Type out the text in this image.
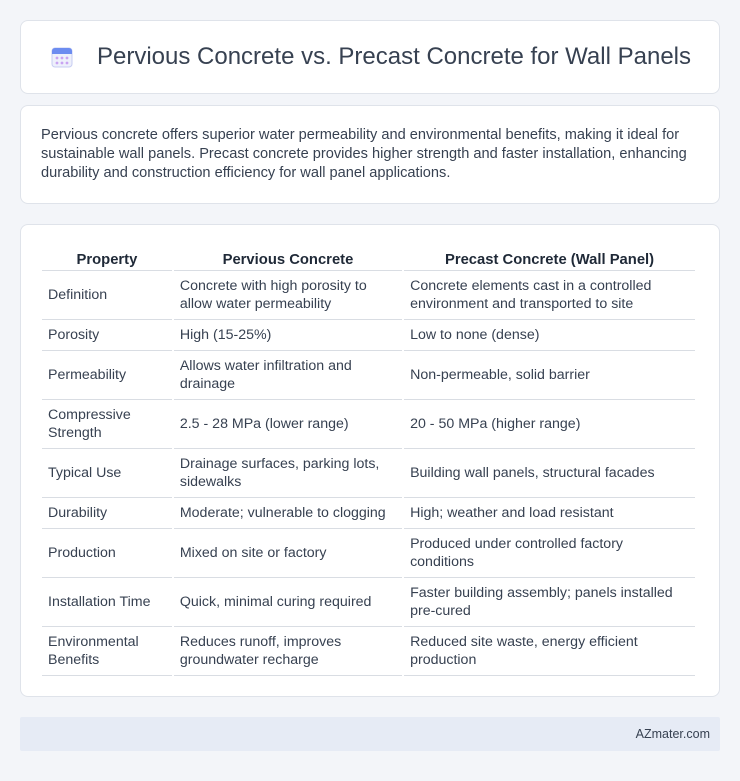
Pervious Concrete vs. Precast Concrete for Wall Panels

Pervious concrete offers superior water permeability and environmental benefits, making it ideal for sustainable wall panels. Precast concrete provides higher strength and faster installation, enhancing durability and construction efficiency for wall panel applications.

Property	Pervious Concrete	Precast Concrete (Wall Panel)
Definition	Concrete with high porosity to allow water permeability	Concrete elements cast in a controlled environment and transported to site
Porosity	High (15-25%)	Low to none (dense)
Permeability	Allows water infiltration and drainage	Non-permeable, solid barrier
Compressive Strength	2.5 - 28 MPa (lower range)	20 - 50 MPa (higher range)
Typical Use	Drainage surfaces, parking lots, sidewalks	Building wall panels, structural facades
Durability	Moderate; vulnerable to clogging	High; weather and load resistant
Production	Mixed on site or factory	Produced under controlled factory conditions
Installation Time	Quick, minimal curing required	Faster building assembly; panels installed pre-cured
Environmental Benefits	Reduces runoff, improves groundwater recharge	Reduced site waste, energy efficient production
AZmater.com
